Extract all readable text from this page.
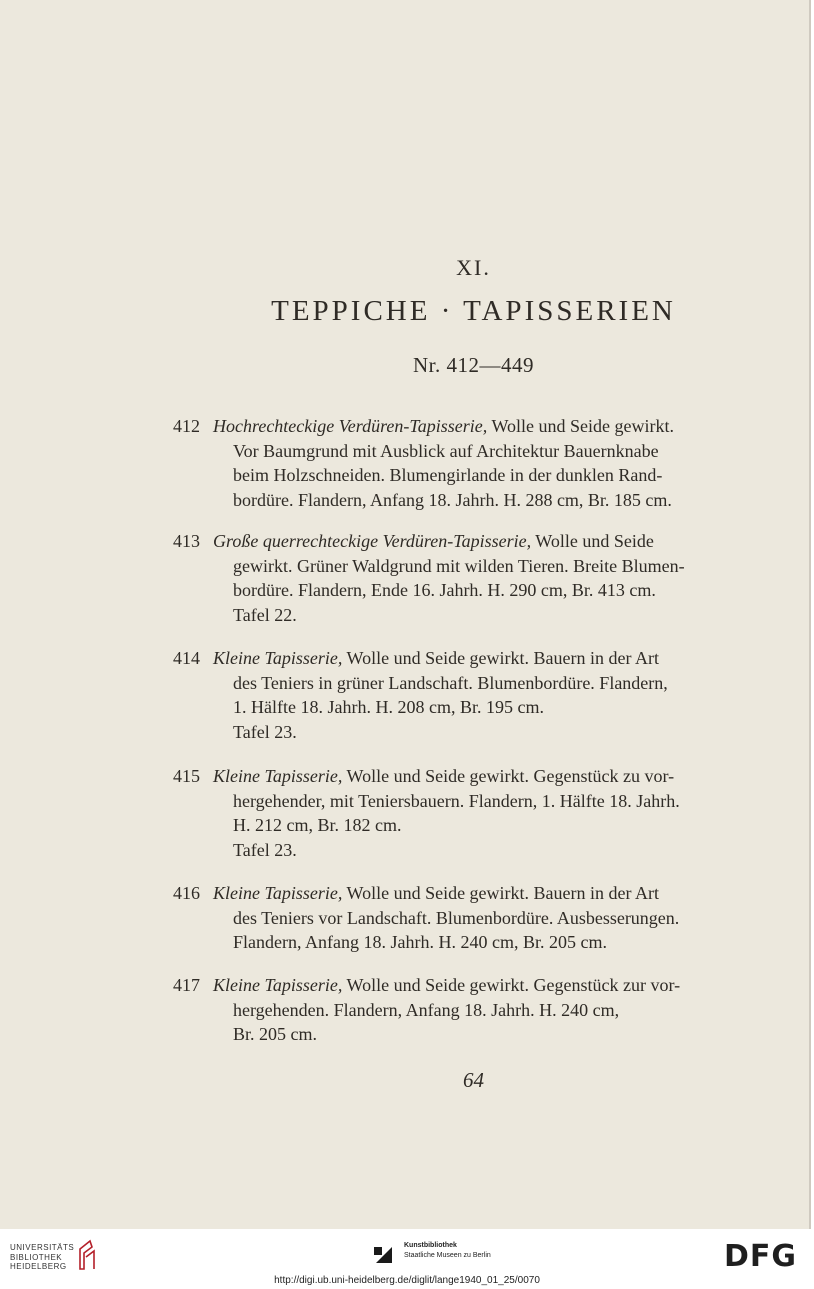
XI.
TEPPICHE · TAPISSERIEN
Nr. 412—449
412 Hochrechteckige Verdüren-Tapisserie, Wolle und Seide gewirkt.

Vor Baumgrund mit Ausblick auf Architektur Bauernknabe

beim Holzschneiden. Blumengirlande in der dunklen Rand-

bordüre. Flandern, Anfang 18. Jahrh. H. 288 cm, Br. 185 cm.

413 Große querrechteckige Verdüren-Tapisserie, Wolle und Seide

gewirkt. Grüner Waldgrund mit wilden Tieren. Breite Blumen-

bordüre. Flandern, Ende 16. Jahrh. H. 290 cm, Br. 413 cm.

Tafel 22.

414 Kleine Tapisserie, Wolle und Seide gewirkt. Bauern in der Art

des Teniers in grüner Landschaft. Blumenbordüre. Flandern,

1. Hälfte 18. Jahrh. H. 208 cm, Br. 195 cm.

Tafel 23.

415 Kleine Tapisserie, Wolle und Seide gewirkt. Gegenstück zu vor-

hergehender, mit Teniersbauern. Flandern, 1. Hälfte 18. Jahrh.

H. 212 cm, Br. 182 cm.

Tafel 23.

416 Kleine Tapisserie, Wolle und Seide gewirkt. Bauern in der Art

des Teniers vor Landschaft. Blumenbordüre. Ausbesserungen.

Flandern, Anfang 18. Jahrh. H. 240 cm, Br. 205 cm.

417 Kleine Tapisserie, Wolle und Seide gewirkt. Gegenstück zur vor-

hergehenden. Flandern, Anfang 18. Jahrh. H. 240 cm,

Br. 205 cm.

64
UNIVERSITÄTS
BIBLIOTHEK
HEIDELBERG
Kunstbibliothek
Staatliche Museen zu Berlin	DFG
http://digi.ub.uni-heidelberg.de/diglit/lange1940_01_25/0070
